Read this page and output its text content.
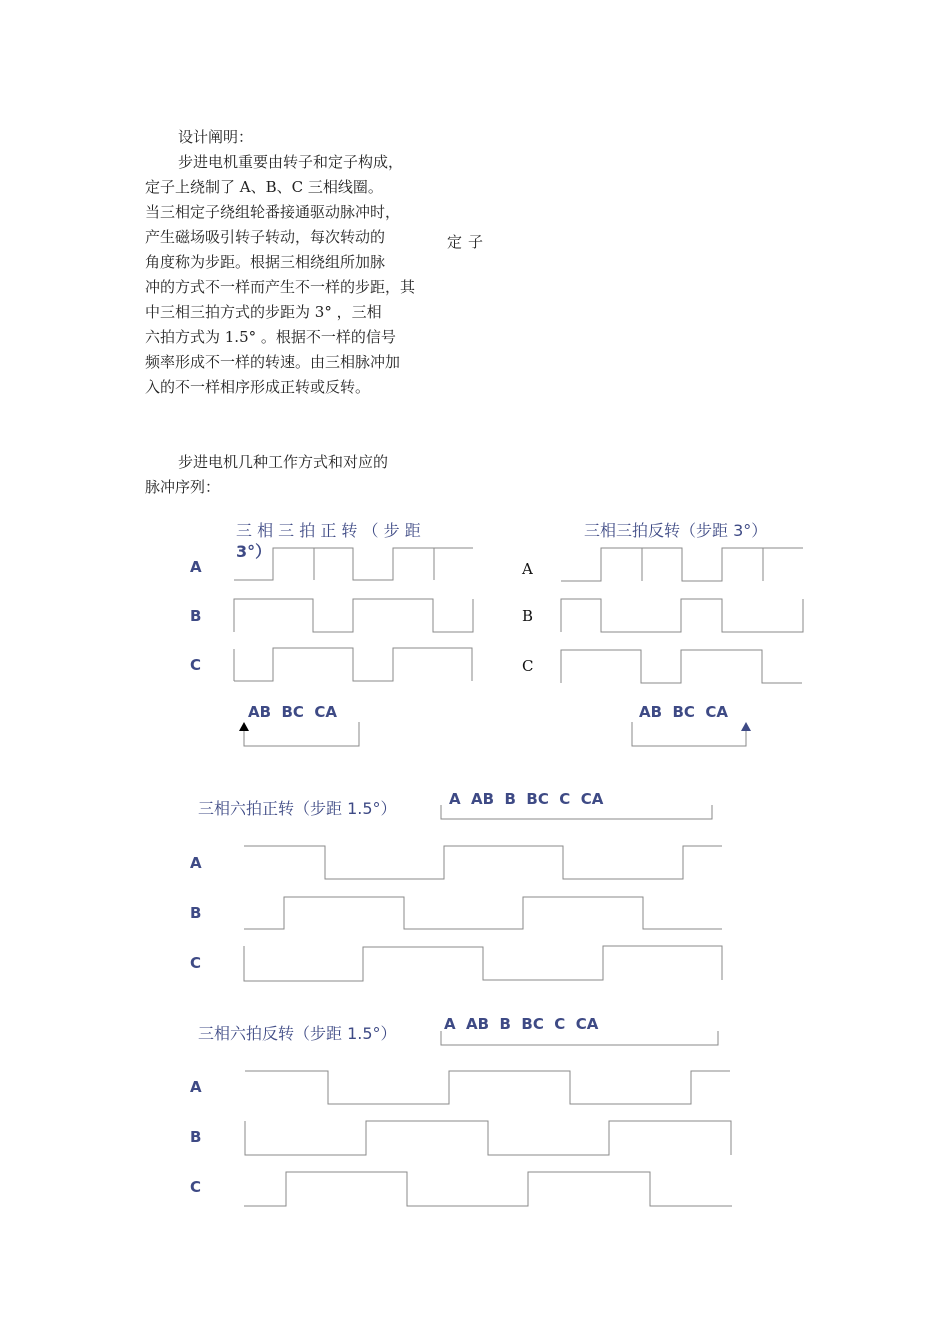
设计阐明：
步进电机重要由转子和定子构成，
定子上绕制了 A、B、C 三相线圈。
当三相定子绕组轮番接通驱动脉冲时，
产生磁场吸引转子转动，每次转动的
角度称为步距。根据三相绕组所加脉
冲的方式不一样而产生不一样的步距，其
中三相三拍方式的步距为 3° ，三相
六拍方式为 1.5° 。根据不一样的信号
频率形成不一样的转速。由三相脉冲加
入的不一样相序形成正转或反转。
定子
步进电机几种工作方式和对应的
脉冲序列：
三 相 三 拍 正 转 （ 步 距
3°）
A
B
C
AB  BC  CA
三相三拍反转（步距 3°）
A
B
C
AB  BC  CA
三相六拍正转（步距 1.5°）	A  AB  B  BC  C  CA
A
B
C
三相六拍反转（步距 1.5°）	A  AB  B  BC  C  CA
A
B
C
